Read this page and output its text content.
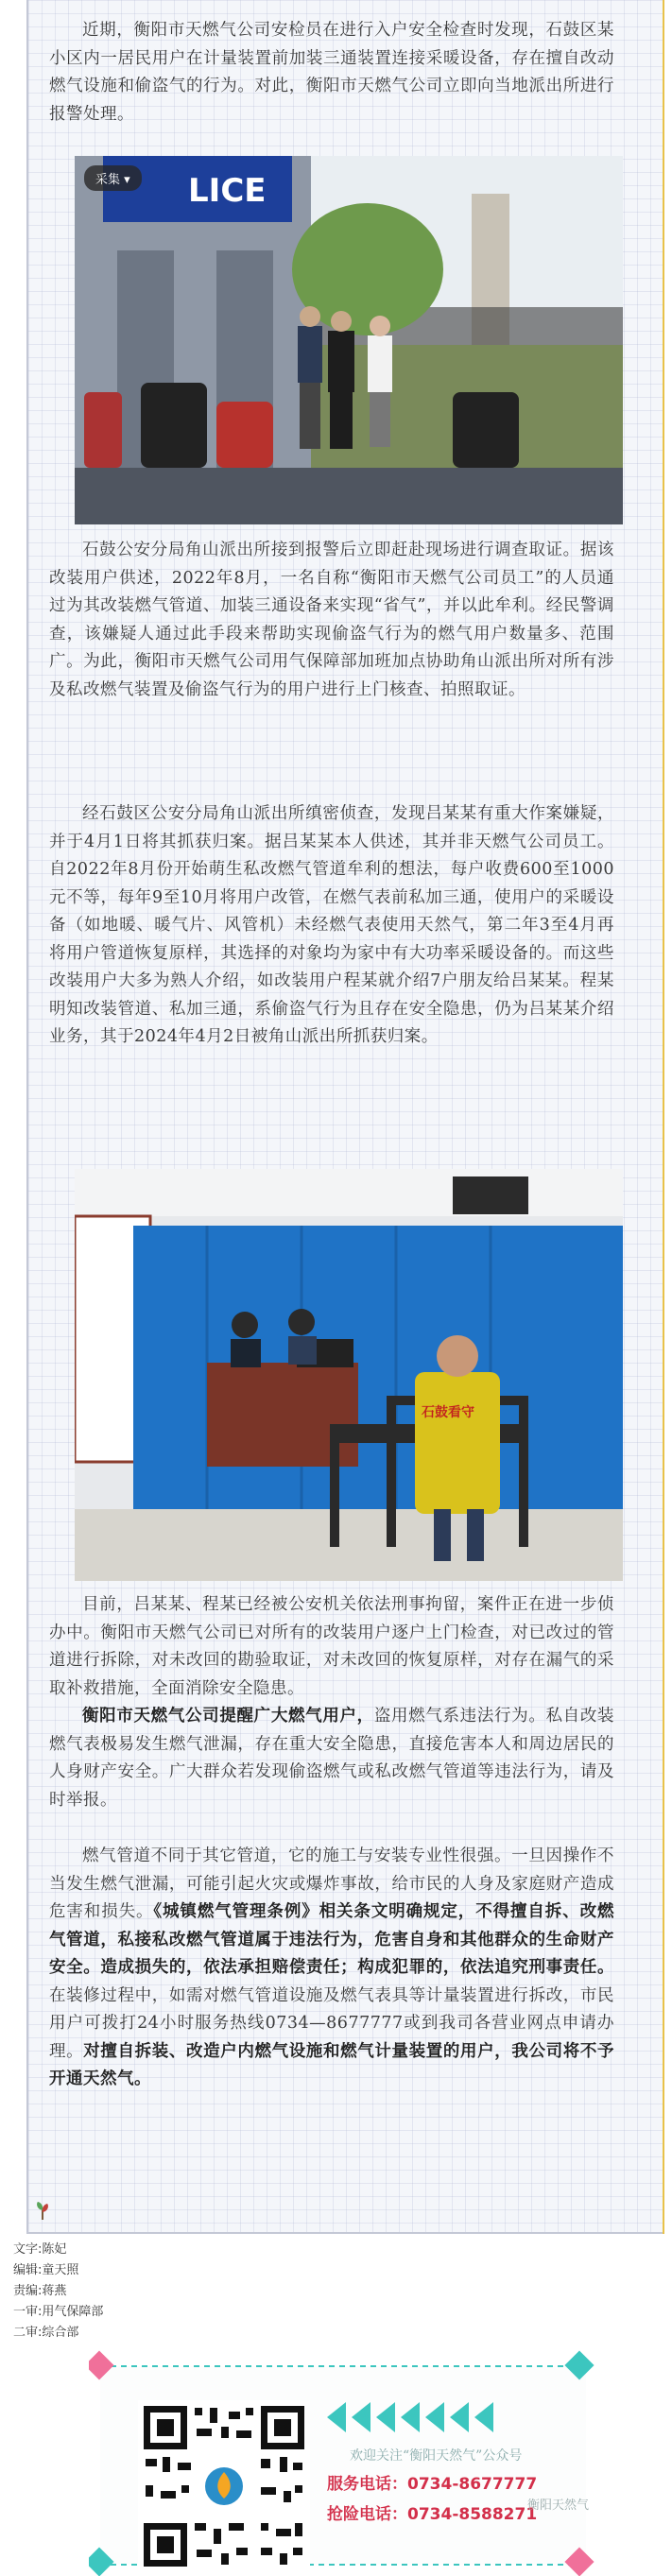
近期，衡阳市天燃气公司安检员在进行入户安全检查时发现，石鼓区某小区内一居民用户在计量装置前加装三通装置连接采暖设备，存在擅自改动燃气设施和偷盗气的行为。对此，衡阳市天燃气公司立即向当地派出所进行报警处理。

LICE
采集 ▾

石鼓公安分局角山派出所接到报警后立即赶赴现场进行调查取证。据该改装用户供述，2022年8月，一名自称“衡阳市天燃气公司员工”的人员通过为其改装燃气管道、加装三通设备来实现“省气”，并以此牟利。经民警调查，该嫌疑人通过此手段来帮助实现偷盗气行为的燃气用户数量多、范围广。为此，衡阳市天燃气公司用气保障部加班加点协助角山派出所对所有涉及私改燃气装置及偷盗气行为的用户进行上门核查、拍照取证。

经石鼓区公安分局角山派出所缜密侦查，发现吕某某有重大作案嫌疑，并于4月1日将其抓获归案。据吕某某本人供述，其并非天燃气公司员工。自2022年8月份开始萌生私改燃气管道牟利的想法，每户收费600至1000元不等，每年9至10月将用户改管，在燃气表前私加三通，使用户的采暖设备（如地暖、暖气片、风管机）未经燃气表使用天然气，第二年3至4月再将用户管道恢复原样，其选择的对象均为家中有大功率采暖设备的。而这些改装用户大多为熟人介绍，如改装用户程某就介绍7户朋友给吕某某。程某明知改装管道、私加三通，系偷盗气行为且存在安全隐患，仍为吕某某介绍业务，其于2024年4月2日被角山派出所抓获归案。

石鼓看守

目前，吕某某、程某已经被公安机关依法刑事拘留，案件正在进一步侦办中。衡阳市天燃气公司已对所有的改装用户逐户上门检查，对已改过的管道进行拆除，对未改回的勘验取证，对未改回的恢复原样，对存在漏气的采取补救措施，全面消除安全隐患。

衡阳市天燃气公司提醒广大燃气用户，盗用燃气系违法行为。私自改装燃气表极易发生燃气泄漏，存在重大安全隐患，直接危害本人和周边居民的人身财产安全。广大群众若发现偷盗燃气或私改燃气管道等违法行为，请及时举报。

燃气管道不同于其它管道，它的施工与安装专业性很强。一旦因操作不当发生燃气泄漏，可能引起火灾或爆炸事故，给市民的人身及家庭财产造成危害和损失。《城镇燃气管理条例》相关条文明确规定，不得擅自拆、改燃气管道，私接私改燃气管道属于违法行为，危害自身和其他群众的生命财产安全。造成损失的，依法承担赔偿责任；构成犯罪的，依法追究刑事责任。在装修过程中，如需对燃气管道设施及燃气表具等计量装置进行拆改，市民用户可拨打24小时服务热线0734—8677777或到我司各营业网点申请办理。对擅自拆装、改造户内燃气设施和燃气计量装置的用户，我公司将不予开通天然气。

文字:陈妃
编辑:童天照
责编:蒋燕
一审:用气保障部
二审:综合部
欢迎关注“衡阳天然气”公众号
服务电话：0734-8677777
抢险电话：0734-8588271
衡阳天然气
